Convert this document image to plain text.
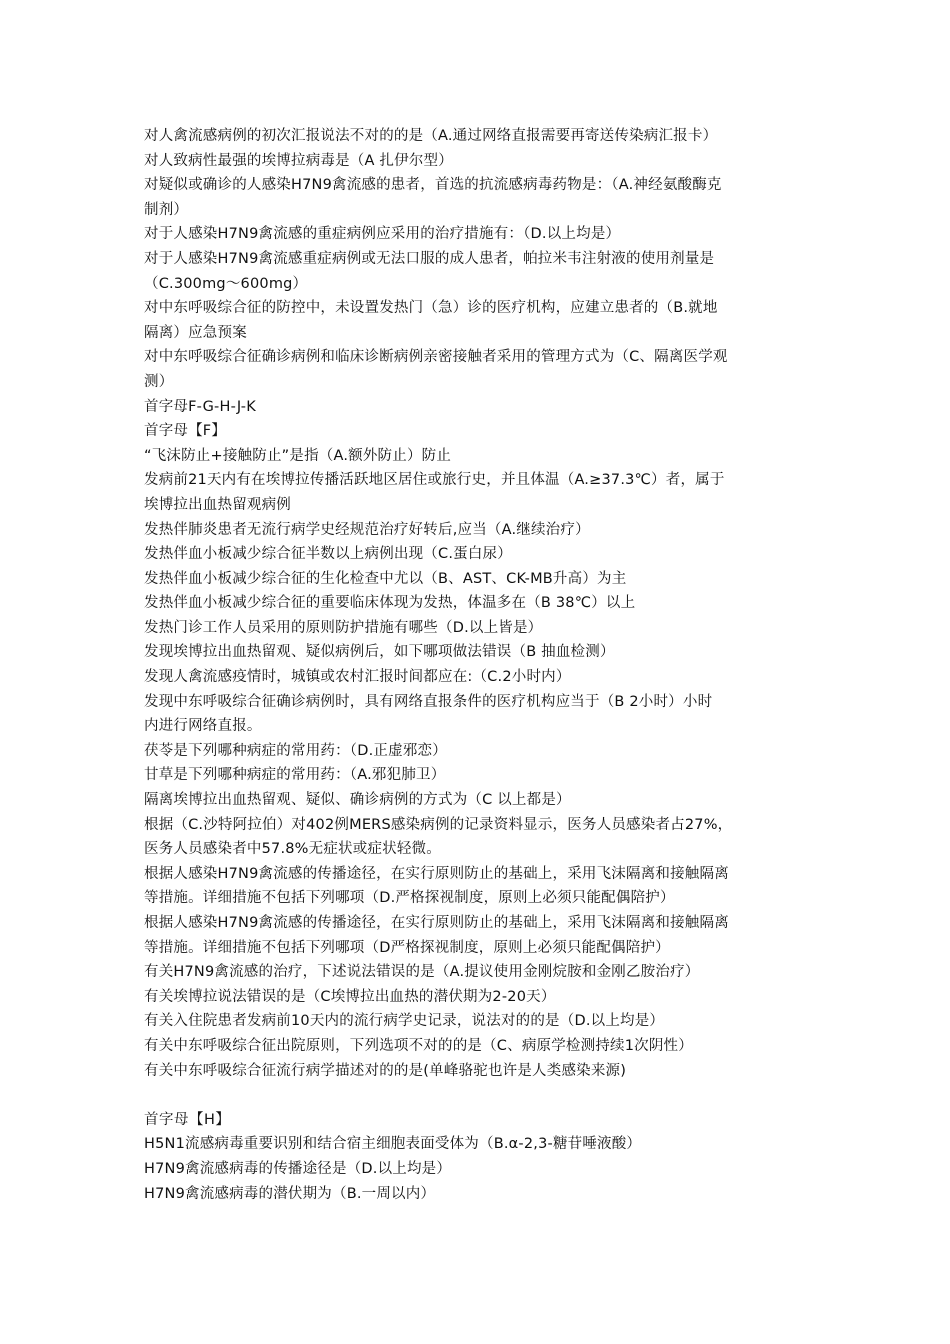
对人禽流感病例的初次汇报说法不对的的是（A.通过网络直报需要再寄送传染病汇报卡）
对人致病性最强的埃博拉病毒是（A 扎伊尔型）
对疑似或确诊的人感染H7N9禽流感的患者，首选的抗流感病毒药物是：（A.神经氨酸酶克
制剂）
对于人感染H7N9禽流感的重症病例应采用的治疗措施有：（D.以上均是）
对于人感染H7N9禽流感重症病例或无法口服的成人患者，帕拉米韦注射液的使用剂量是
（C.300mg～600mg）
对中东呼吸综合征的防控中，未设置发热门（急）诊的医疗机构，应建立患者的（B.就地
隔离）应急预案
对中东呼吸综合征确诊病例和临床诊断病例亲密接触者采用的管理方式为（C、隔离医学观
测）
首字母F-G-H-J-K
首字母【F】
“飞沫防止+接触防止”是指（A.额外防止）防止
发病前21天内有在埃博拉传播活跃地区居住或旅行史，并且体温（A.≥37.3℃）者，属于
埃博拉出血热留观病例
发热伴肺炎患者无流行病学史经规范治疗好转后,应当（A.继续治疗）
发热伴血小板减少综合征半数以上病例出现（C.蛋白尿）
发热伴血小板减少综合征的生化检查中尤以（B、AST、CK-MB升高）为主
发热伴血小板减少综合征的重要临床体现为发热，体温多在（B 38℃）以上
发热门诊工作人员采用的原则防护措施有哪些（D.以上皆是）
发现埃博拉出血热留观、疑似病例后，如下哪项做法错误（B 抽血检测）
发现人禽流感疫情时，城镇或农村汇报时间都应在:（C.2小时内）
发现中东呼吸综合征确诊病例时，具有网络直报条件的医疗机构应当于（B 2小时）小时
内进行网络直报。
茯苓是下列哪种病症的常用药：（D.正虚邪恋）
甘草是下列哪种病症的常用药：（A.邪犯肺卫）
隔离埃博拉出血热留观、疑似、确诊病例的方式为（C 以上都是）
根据（C.沙特阿拉伯）对402例MERS感染病例的记录资料显示，医务人员感染者占27%，
医务人员感染者中57.8%无症状或症状轻微。
根据人感染H7N9禽流感的传播途径，在实行原则防止的基础上，采用飞沫隔离和接触隔离
等措施。详细措施不包括下列哪项（D.严格探视制度，原则上必须只能配偶陪护）
根据人感染H7N9禽流感的传播途径，在实行原则防止的基础上，采用飞沫隔离和接触隔离
等措施。详细措施不包括下列哪项（D严格探视制度，原则上必须只能配偶陪护）
有关H7N9禽流感的治疗，下述说法错误的是（A.提议使用金刚烷胺和金刚乙胺治疗）
有关埃博拉说法错误的是（C埃博拉出血热的潜伏期为2-20天）
有关入住院患者发病前10天内的流行病学史记录，说法对的的是（D.以上均是）
有关中东呼吸综合征出院原则，下列选项不对的的是（C、病原学检测持续1次阴性）
有关中东呼吸综合征流行病学描述对的的是(单峰骆驼也许是人类感染来源)
首字母【H】
H5N1流感病毒重要识别和结合宿主细胞表面受体为（B.α-2,3-糖苷唾液酸）
H7N9禽流感病毒的传播途径是（D.以上均是）
H7N9禽流感病毒的潜伏期为（B.一周以内）
